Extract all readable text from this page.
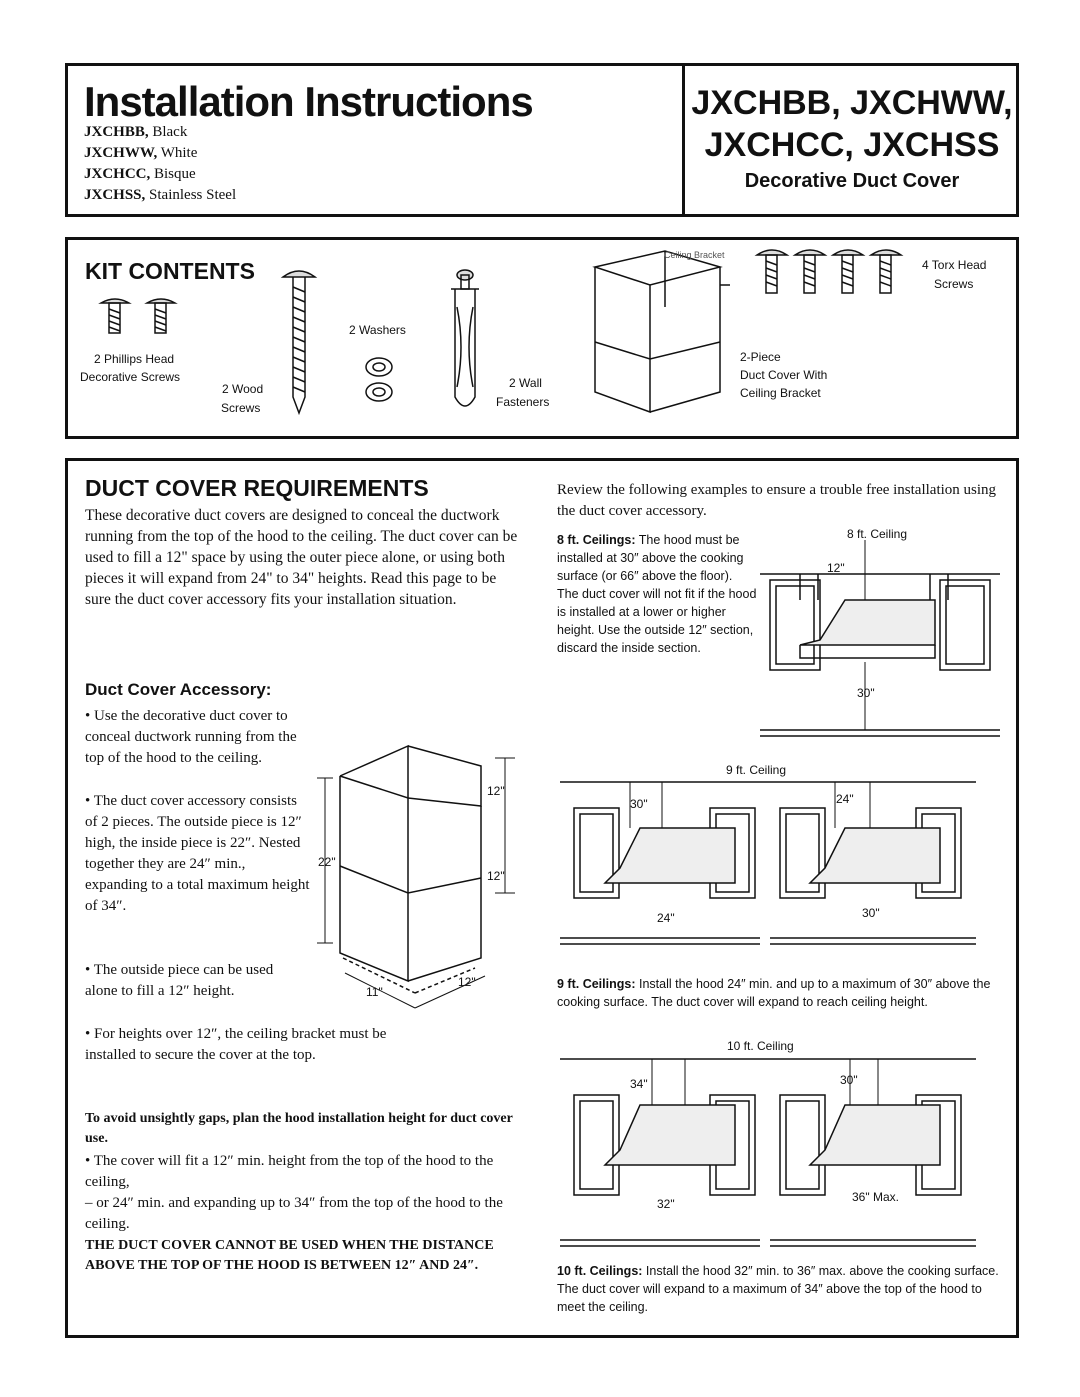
Installation Instructions
JXCHBB, Black
JXCHWW, White
JXCHCC, Bisque
JXCHSS, Stainless Steel
JXCHBB, JXCHWW,
JXCHCC, JXCHSS
Decorative Duct Cover
KIT CONTENTS
2 Phillips Head
Decorative Screws
2 Wood
Screws
2 Washers
2 Wall
Fasteners
Ceiling Bracket
2-Piece
Duct Cover With
Ceiling Bracket
4 Torx Head
Screws
DUCT COVER REQUIREMENTS
These decorative duct covers are designed to conceal the ductwork running from the top of the hood to the ceiling. The duct cover can be used to fill a 12" space by using the outer piece alone, or using both pieces it will expand from 24" to 34" heights. Read this page to be sure the duct cover accessory fits your installation situation.
Duct Cover Accessory:
• Use the decorative duct cover to conceal ductwork running from the top of the hood to the ceiling.
• The duct cover accessory consists of 2 pieces. The outside piece is 12″ high, the inside piece is 22″. Nested together they are 24″ min., expanding to a total maximum height of 34″.
• The outside piece can be used alone to fill a 12″ height.
• For heights over 12″, the ceiling bracket must be installed to secure the cover at the top.
12"
12"
22"
11"
12"
To avoid unsightly gaps, plan the hood installation height for duct cover use.
• The cover will fit a 12″ min. height from the top of the hood to the ceiling,
– or 24″ min. and expanding up to 34″ from the top of the hood to the ceiling.
THE DUCT COVER CANNOT BE USED WHEN THE DISTANCE ABOVE THE TOP OF THE HOOD IS BETWEEN 12″ AND 24″.
Review the following examples to ensure a trouble free installation using the duct cover accessory.
8 ft. Ceilings: The hood must be installed at 30″ above the cooking surface (or 66″ above the floor). The duct cover will not fit if the hood is installed at a lower or higher height. Use the outside 12″ section, discard the inside section.
8 ft. Ceiling
12"
30"
9 ft. Ceiling
30"
24"
24"
30"
9 ft. Ceilings: Install the hood 24″ min. and up to a maximum of 30″ above the cooking surface. The duct cover will expand to reach ceiling height.
10 ft. Ceiling
34"
32"
30"
36" Max.
10 ft. Ceilings: Install the hood 32″ min. to 36″ max. above the cooking surface. The duct cover will expand to a maximum of 34″ above the top of the hood to meet the ceiling.
